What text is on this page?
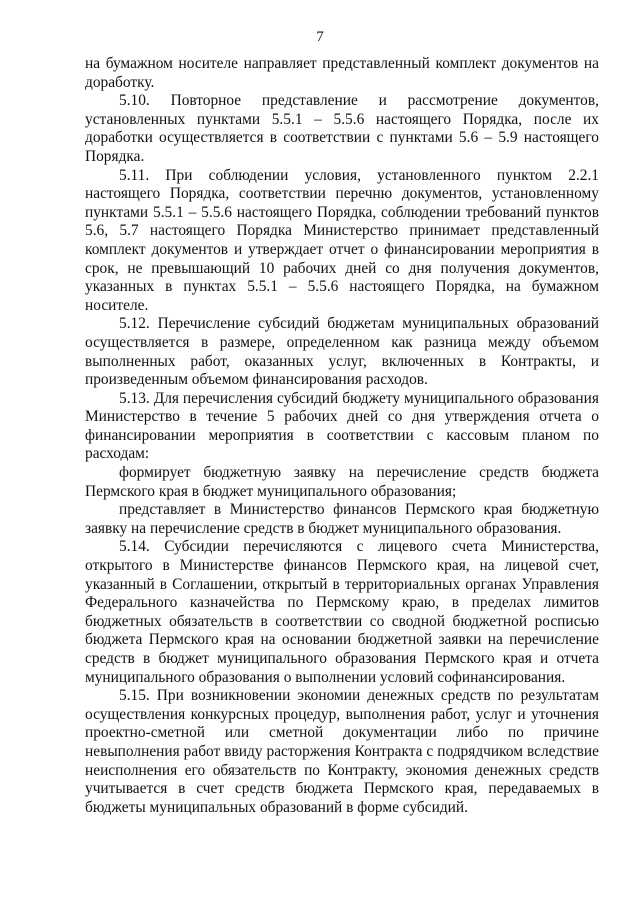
7

на бумажном носителе направляет представленный комплект документов на доработку.

5.10. Повторное представление и рассмотрение документов, установленных пунктами 5.5.1 – 5.5.6 настоящего Порядка, после их доработки осуществляется в соответствии с пунктами 5.6 – 5.9 настоящего Порядка.

5.11. При соблюдении условия, установленного пунктом 2.2.1 настоящего Порядка, соответствии перечню документов, установленному пунктами 5.5.1 – 5.5.6 настоящего Порядка, соблюдении требований пунктов 5.6, 5.7 настоящего Порядка Министерство принимает представленный комплект документов и утверждает отчет о финансировании мероприятия в срок, не превышающий 10 рабочих дней со дня получения документов, указанных в пунктах 5.5.1 – 5.5.6 настоящего Порядка, на бумажном носителе.

5.12. Перечисление субсидий бюджетам муниципальных образований осуществляется в размере, определенном как разница между объемом выполненных работ, оказанных услуг, включенных в Контракты, и произведенным объемом финансирования расходов.

5.13. Для перечисления субсидий бюджету муниципального образования Министерство в течение 5 рабочих дней со дня утверждения отчета о финансировании мероприятия в соответствии с кассовым планом по расходам:

формирует бюджетную заявку на перечисление средств бюджета Пермского края в бюджет муниципального образования;

представляет в Министерство финансов Пермского края бюджетную заявку на перечисление средств в бюджет муниципального образования.

5.14. Субсидии перечисляются с лицевого счета Министерства, открытого в Министерстве финансов Пермского края, на лицевой счет, указанный в Соглашении, открытый в территориальных органах Управления Федерального казначейства по Пермскому краю, в пределах лимитов бюджетных обязательств в соответствии со сводной бюджетной росписью бюджета Пермского края на основании бюджетной заявки на перечисление средств в бюджет муниципального образования Пермского края и отчета муниципального образования о выполнении условий софинансирования.

5.15. При возникновении экономии денежных средств по результатам осуществления конкурсных процедур, выполнения работ, услуг и уточнения проектно-сметной или сметной документации либо по причине невыполнения работ ввиду расторжения Контракта с подрядчиком вследствие неисполнения его обязательств по Контракту, экономия денежных средств учитывается в счет средств бюджета Пермского края, передаваемых в бюджеты муниципальных образований в форме субсидий.
